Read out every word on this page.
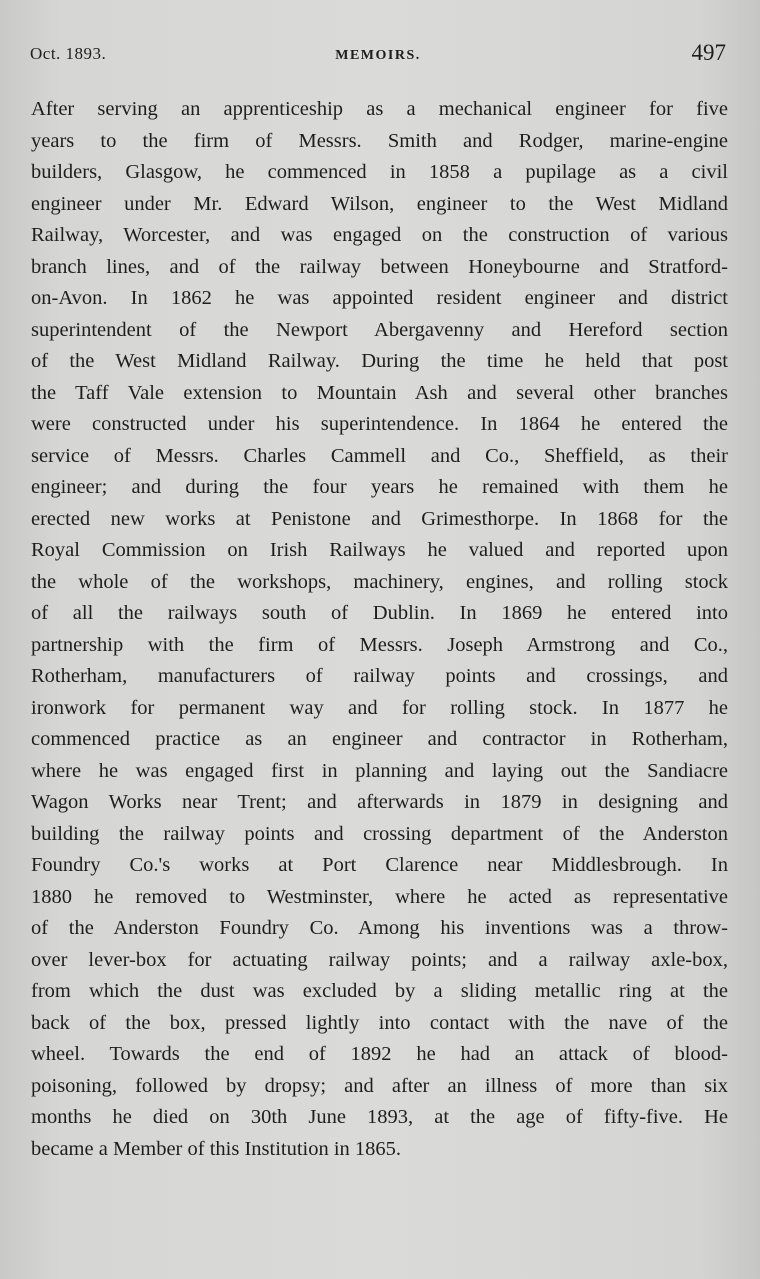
Oct. 1893.	MEMOIRS.	497
After serving an apprenticeship as a mechanical engineer for five
years to the firm of Messrs. Smith and Rodger, marine-engine
builders, Glasgow, he commenced in 1858 a pupilage as a civil
engineer under Mr. Edward Wilson, engineer to the West Midland
Railway, Worcester, and was engaged on the construction of various
branch lines, and of the railway between Honeybourne and Stratford-
on-Avon. In 1862 he was appointed resident engineer and district
superintendent of the Newport Abergavenny and Hereford section
of the West Midland Railway. During the time he held that post
the Taff Vale extension to Mountain Ash and several other branches
were constructed under his superintendence. In 1864 he entered the
service of Messrs. Charles Cammell and Co., Sheffield, as their
engineer; and during the four years he remained with them he
erected new works at Penistone and Grimesthorpe. In 1868 for the
Royal Commission on Irish Railways he valued and reported upon
the whole of the workshops, machinery, engines, and rolling stock
of all the railways south of Dublin. In 1869 he entered into
partnership with the firm of Messrs. Joseph Armstrong and Co.,
Rotherham, manufacturers of railway points and crossings, and
ironwork for permanent way and for rolling stock. In 1877 he
commenced practice as an engineer and contractor in Rotherham,
where he was engaged first in planning and laying out the Sandiacre
Wagon Works near Trent; and afterwards in 1879 in designing and
building the railway points and crossing department of the Anderston
Foundry Co.'s works at Port Clarence near Middlesbrough. In
1880 he removed to Westminster, where he acted as representative
of the Anderston Foundry Co. Among his inventions was a throw-
over lever-box for actuating railway points; and a railway axle-box,
from which the dust was excluded by a sliding metallic ring at the
back of the box, pressed lightly into contact with the nave of the
wheel. Towards the end of 1892 he had an attack of blood-
poisoning, followed by dropsy; and after an illness of more than six
months he died on 30th June 1893, at the age of fifty-five. He
became a Member of this Institution in 1865.
